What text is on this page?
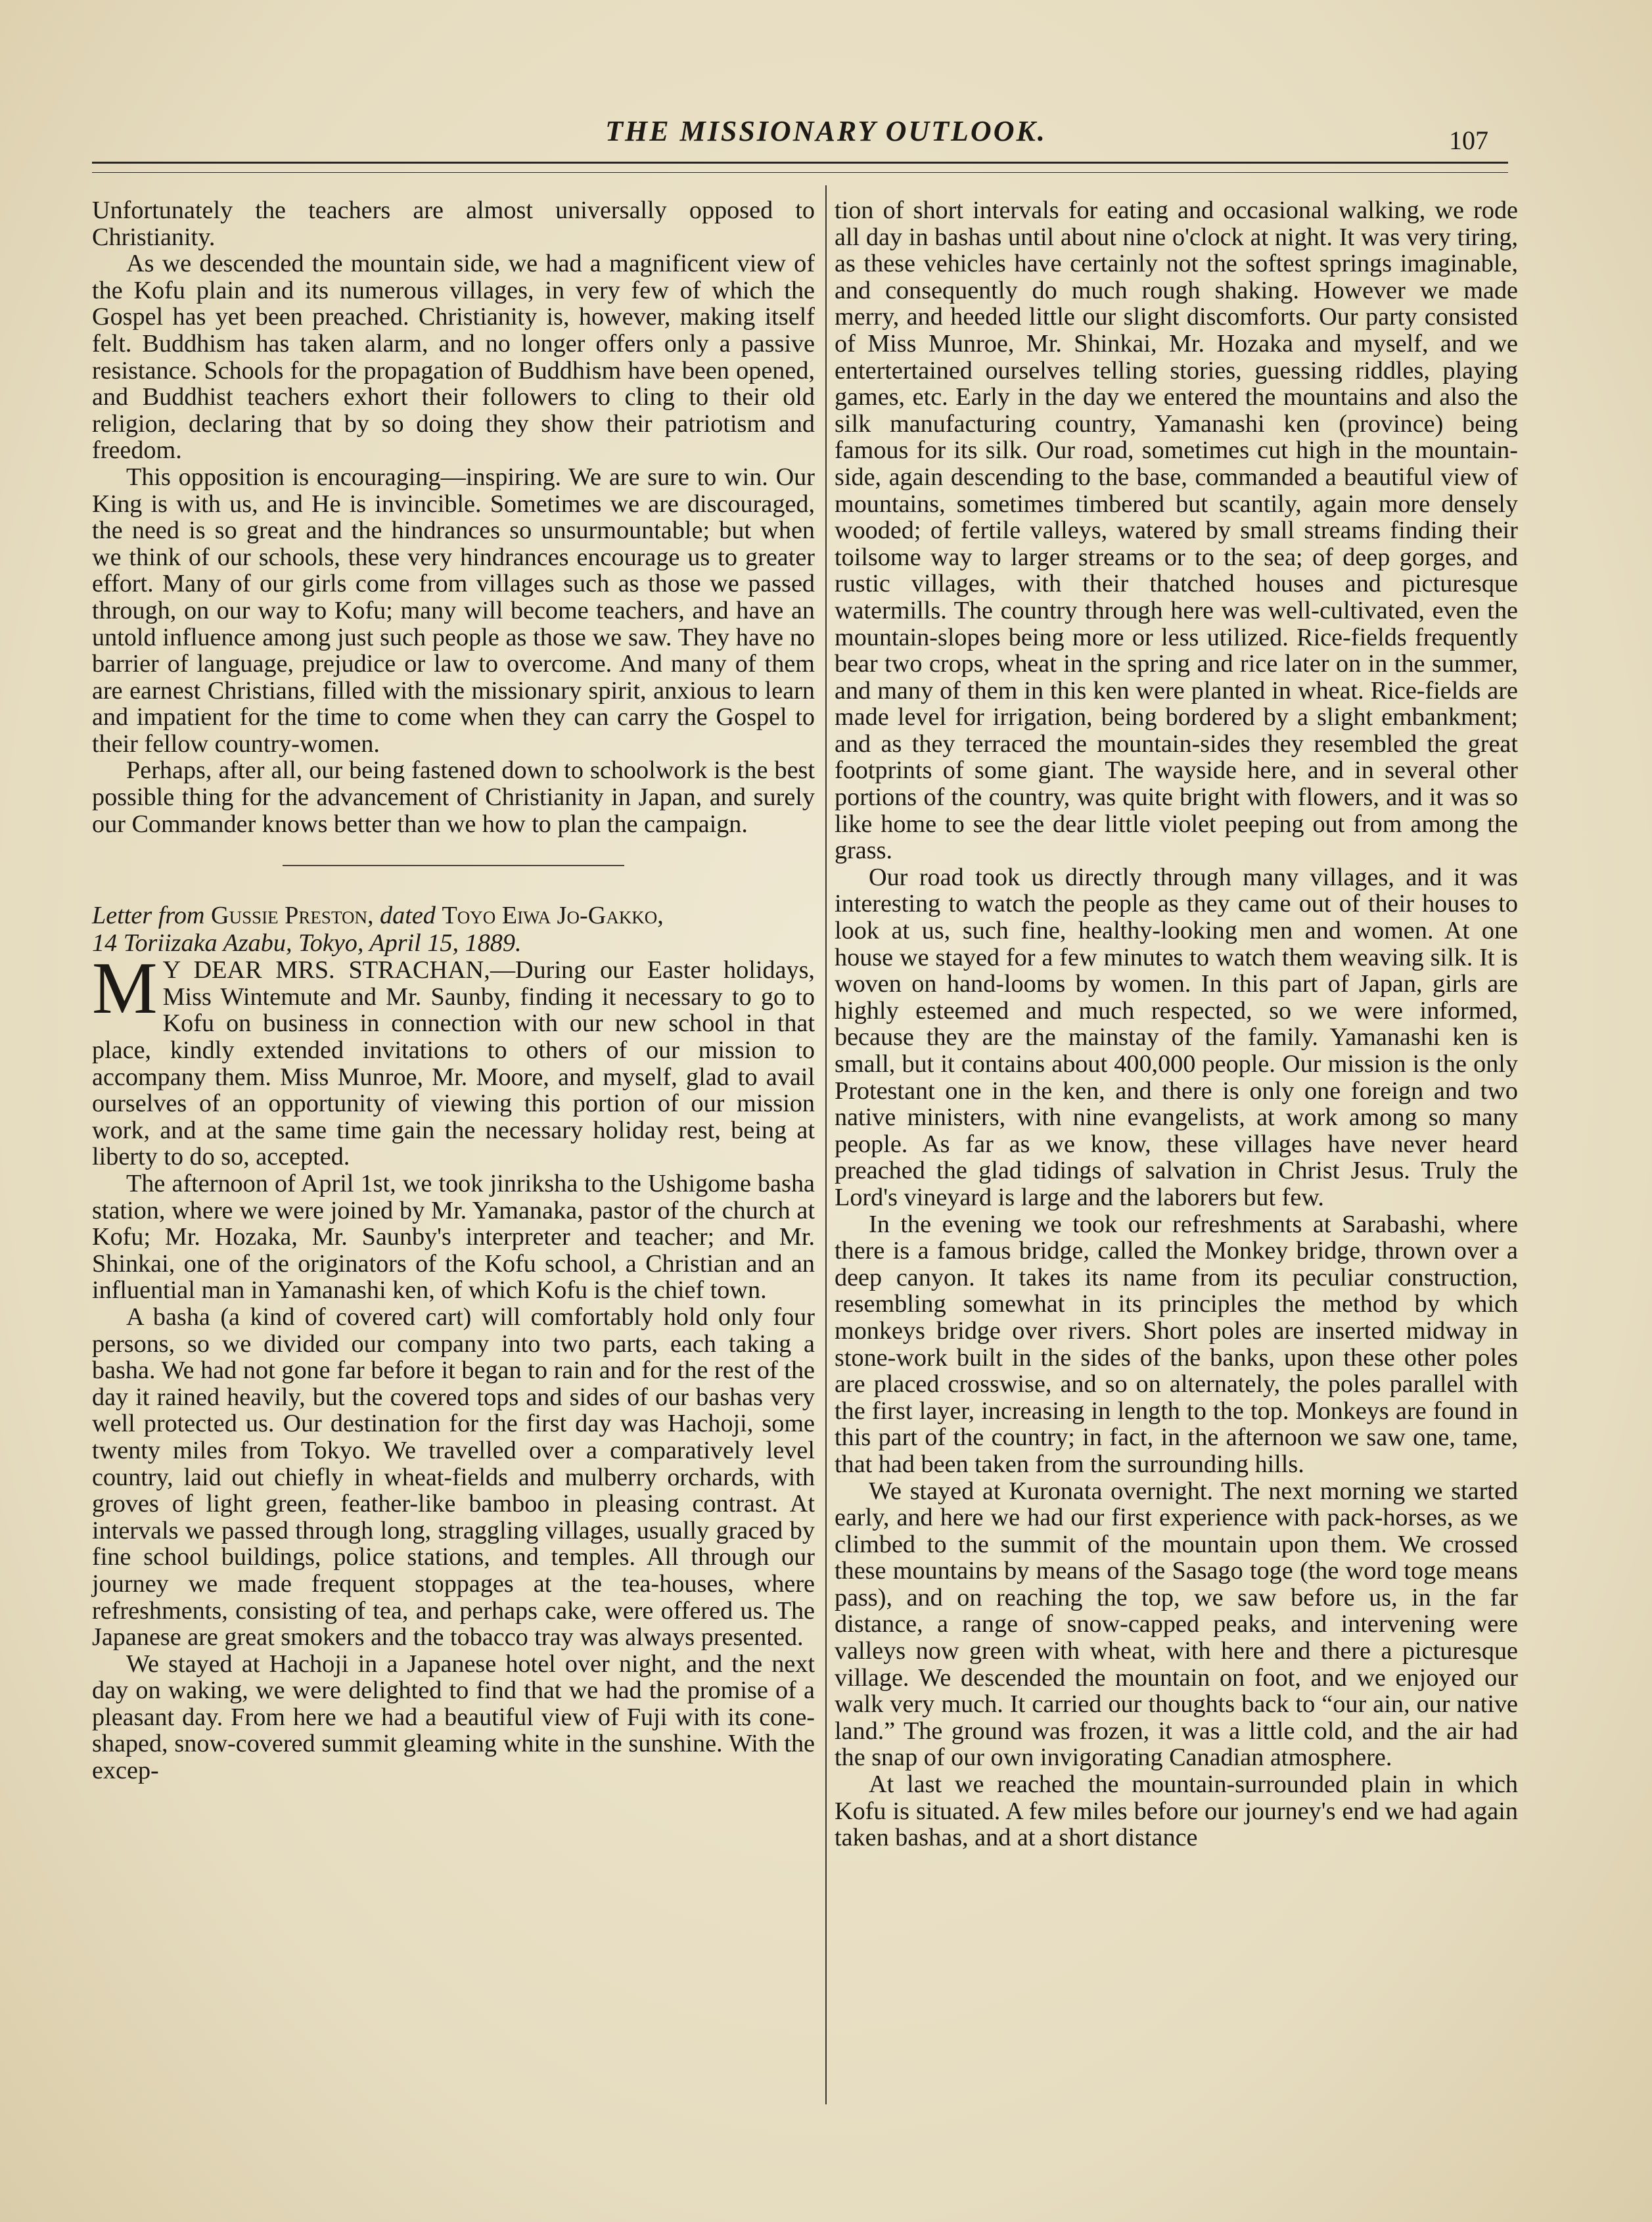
THE MISSIONARY OUTLOOK.	107

Unfortunately the teachers are almost universally opposed to Christianity.

As we descended the mountain side, we had a magnificent view of the Kofu plain and its numerous villages, in very few of which the Gospel has yet been preached. Christianity is, however, making itself felt. Buddhism has taken alarm, and no longer offers only a passive resistance. Schools for the propagation of Buddhism have been opened, and Buddhist teachers exhort their followers to cling to their old religion, declaring that by so doing they show their patriotism and freedom.

This opposition is encouraging—inspiring. We are sure to win. Our King is with us, and He is invincible. Sometimes we are discouraged, the need is so great and the hindrances so unsurmountable; but when we think of our schools, these very hindrances encourage us to greater effort. Many of our girls come from villages such as those we passed through, on our way to Kofu; many will become teachers, and have an untold influence among just such people as those we saw. They have no barrier of language, prejudice or law to overcome. And many of them are earnest Christians, filled with the missionary spirit, anxious to learn and impatient for the time to come when they can carry the Gospel to their fellow country-women.

Perhaps, after all, our being fastened down to schoolwork is the best possible thing for the advancement of Christianity in Japan, and surely our Commander knows better than we how to plan the campaign.

Letter from Gussie Preston, dated Toyo Eiwa Jo-Gakko,
14 Toriizaka Azabu, Tokyo, April 15, 1889.

M Y DEAR MRS. STRACHAN,—During our Easter holidays, Miss Wintemute and Mr. Saunby, finding it necessary to go to Kofu on business in connection with our new school in that place, kindly extended invitations to others of our mission to accompany them. Miss Munroe, Mr. Moore, and myself, glad to avail ourselves of an opportunity of viewing this portion of our mission work, and at the same time gain the necessary holiday rest, being at liberty to do so, accepted.

The afternoon of April 1st, we took jinriksha to the Ushigome basha station, where we were joined by Mr. Yamanaka, pastor of the church at Kofu; Mr. Hozaka, Mr. Saunby's interpreter and teacher; and Mr. Shinkai, one of the originators of the Kofu school, a Christian and an influential man in Yamanashi ken, of which Kofu is the chief town.

A basha (a kind of covered cart) will comfortably hold only four persons, so we divided our company into two parts, each taking a basha. We had not gone far before it began to rain and for the rest of the day it rained heavily, but the covered tops and sides of our bashas very well protected us. Our destination for the first day was Hachoji, some twenty miles from Tokyo. We travelled over a comparatively level country, laid out chiefly in wheat-fields and mulberry orchards, with groves of light green, feather-like bamboo in pleasing contrast. At intervals we passed through long, straggling villages, usually graced by fine school buildings, police stations, and temples. All through our journey we made frequent stoppages at the tea-houses, where refreshments, consisting of tea, and perhaps cake, were offered us. The Japanese are great smokers and the tobacco tray was always presented.

We stayed at Hachoji in a Japanese hotel over night, and the next day on waking, we were delighted to find that we had the promise of a pleasant day. From here we had a beautiful view of Fuji with its cone-shaped, snow-covered summit gleaming white in the sunshine. With the excep-

tion of short intervals for eating and occasional walking, we rode all day in bashas until about nine o'clock at night. It was very tiring, as these vehicles have certainly not the softest springs imaginable, and consequently do much rough shaking. However we made merry, and heeded little our slight discomforts. Our party consisted of Miss Munroe, Mr. Shinkai, Mr. Hozaka and myself, and we entertertained ourselves telling stories, guessing riddles, playing games, etc. Early in the day we entered the mountains and also the silk manufacturing country, Yamanashi ken (province) being famous for its silk. Our road, sometimes cut high in the mountain-side, again descending to the base, commanded a beautiful view of mountains, sometimes timbered but scantily, again more densely wooded; of fertile valleys, watered by small streams finding their toilsome way to larger streams or to the sea; of deep gorges, and rustic villages, with their thatched houses and picturesque watermills. The country through here was well-cultivated, even the mountain-slopes being more or less utilized. Rice-fields frequently bear two crops, wheat in the spring and rice later on in the summer, and many of them in this ken were planted in wheat. Rice-fields are made level for irrigation, being bordered by a slight embankment; and as they terraced the mountain-sides they resembled the great footprints of some giant. The wayside here, and in several other portions of the country, was quite bright with flowers, and it was so like home to see the dear little violet peeping out from among the grass.

Our road took us directly through many villages, and it was interesting to watch the people as they came out of their houses to look at us, such fine, healthy-looking men and women. At one house we stayed for a few minutes to watch them weaving silk. It is woven on hand-looms by women. In this part of Japan, girls are highly esteemed and much respected, so we were informed, because they are the mainstay of the family. Yamanashi ken is small, but it contains about 400,000 people. Our mission is the only Protestant one in the ken, and there is only one foreign and two native ministers, with nine evangelists, at work among so many people. As far as we know, these villages have never heard preached the glad tidings of salvation in Christ Jesus. Truly the Lord's vineyard is large and the laborers but few.

In the evening we took our refreshments at Sarabashi, where there is a famous bridge, called the Monkey bridge, thrown over a deep canyon. It takes its name from its peculiar construction, resembling somewhat in its principles the method by which monkeys bridge over rivers. Short poles are inserted midway in stone-work built in the sides of the banks, upon these other poles are placed crosswise, and so on alternately, the poles parallel with the first layer, increasing in length to the top. Monkeys are found in this part of the country; in fact, in the afternoon we saw one, tame, that had been taken from the surrounding hills.

We stayed at Kuronata overnight. The next morning we started early, and here we had our first experience with pack-horses, as we climbed to the summit of the mountain upon them. We crossed these mountains by means of the Sasago toge (the word toge means pass), and on reaching the top, we saw before us, in the far distance, a range of snow-capped peaks, and intervening were valleys now green with wheat, with here and there a picturesque village. We descended the mountain on foot, and we enjoyed our walk very much. It carried our thoughts back to “our ain, our native land.” The ground was frozen, it was a little cold, and the air had the snap of our own invigorating Canadian atmosphere.

At last we reached the mountain-surrounded plain in which Kofu is situated. A few miles before our journey's end we had again taken bashas, and at a short distance
